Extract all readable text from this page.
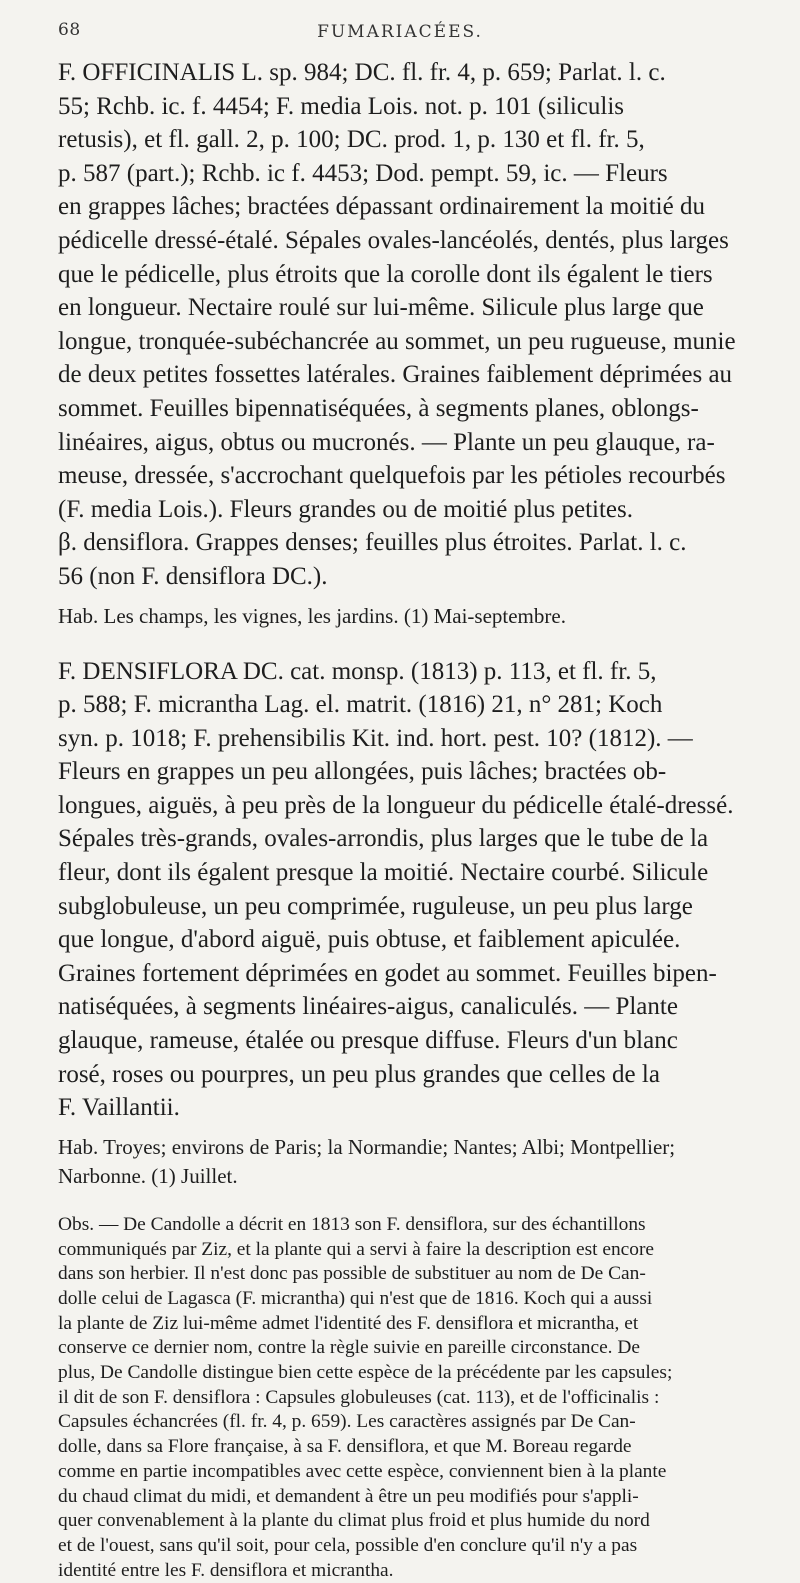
68	FUMARIACÉES.

F. OFFICINALIS L. sp. 984; DC. fl. fr. 4, p. 659; Parlat. l. c.
55; Rchb. ic. f. 4454; F. media Lois. not. p. 101 (siliculis
retusis), et fl. gall. 2, p. 100; DC. prod. 1, p. 130 et fl. fr. 5,
p. 587 (part.); Rchb. ic f. 4453; Dod. pempt. 59, ic. — Fleurs
en grappes lâches; bractées dépassant ordinairement la moitié du
pédicelle dressé-étalé. Sépales ovales-lancéolés, dentés, plus larges
que le pédicelle, plus étroits que la corolle dont ils égalent le tiers
en longueur. Nectaire roulé sur lui-même. Silicule plus large que
longue, tronquée-subéchancrée au sommet, un peu rugueuse, munie
de deux petites fossettes latérales. Graines faiblement déprimées au
sommet. Feuilles bipennatiséquées, à segments planes, oblongs-
linéaires, aigus, obtus ou mucronés. — Plante un peu glauque, ra-
meuse, dressée, s'accrochant quelquefois par les pétioles recourbés
(F. media Lois.). Fleurs grandes ou de moitié plus petites.
β. densiflora. Grappes denses; feuilles plus étroites. Parlat. l. c.
56 (non F. densiflora DC.).

Hab. Les champs, les vignes, les jardins. (1) Mai-septembre.

F. DENSIFLORA DC. cat. monsp. (1813) p. 113, et fl. fr. 5,
p. 588; F. micrantha Lag. el. matrit. (1816) 21, n° 281; Koch
syn. p. 1018; F. prehensibilis Kit. ind. hort. pest. 10? (1812). —
Fleurs en grappes un peu allongées, puis lâches; bractées ob-
longues, aiguës, à peu près de la longueur du pédicelle étalé-dressé.
Sépales très-grands, ovales-arrondis, plus larges que le tube de la
fleur, dont ils égalent presque la moitié. Nectaire courbé. Silicule
subglobuleuse, un peu comprimée, ruguleuse, un peu plus large
que longue, d'abord aiguë, puis obtuse, et faiblement apiculée.
Graines fortement déprimées en godet au sommet. Feuilles bipen-
natiséquées, à segments linéaires-aigus, canaliculés. — Plante
glauque, rameuse, étalée ou presque diffuse. Fleurs d'un blanc
rosé, roses ou pourpres, un peu plus grandes que celles de la
F. Vaillantii.

Hab. Troyes; environs de Paris; la Normandie; Nantes; Albi; Montpellier;
Narbonne. (1) Juillet.

Obs. — De Candolle a décrit en 1813 son F. densiflora, sur des échantillons
communiqués par Ziz, et la plante qui a servi à faire la description est encore
dans son herbier. Il n'est donc pas possible de substituer au nom de De Can-
dolle celui de Lagasca (F. micrantha) qui n'est que de 1816. Koch qui a aussi
la plante de Ziz lui-même admet l'identité des F. densiflora et micrantha, et
conserve ce dernier nom, contre la règle suivie en pareille circonstance. De
plus, De Candolle distingue bien cette espèce de la précédente par les capsules;
il dit de son F. densiflora : Capsules globuleuses (cat. 113), et de l'officinalis :
Capsules échancrées (fl. fr. 4, p. 659). Les caractères assignés par De Can-
dolle, dans sa Flore française, à sa F. densiflora, et que M. Boreau regarde
comme en partie incompatibles avec cette espèce, conviennent bien à la plante
du chaud climat du midi, et demandent à être un peu modifiés pour s'appli-
quer convenablement à la plante du climat plus froid et plus humide du nord
et de l'ouest, sans qu'il soit, pour cela, possible d'en conclure qu'il n'y a pas
identité entre les F. densiflora et micrantha.
